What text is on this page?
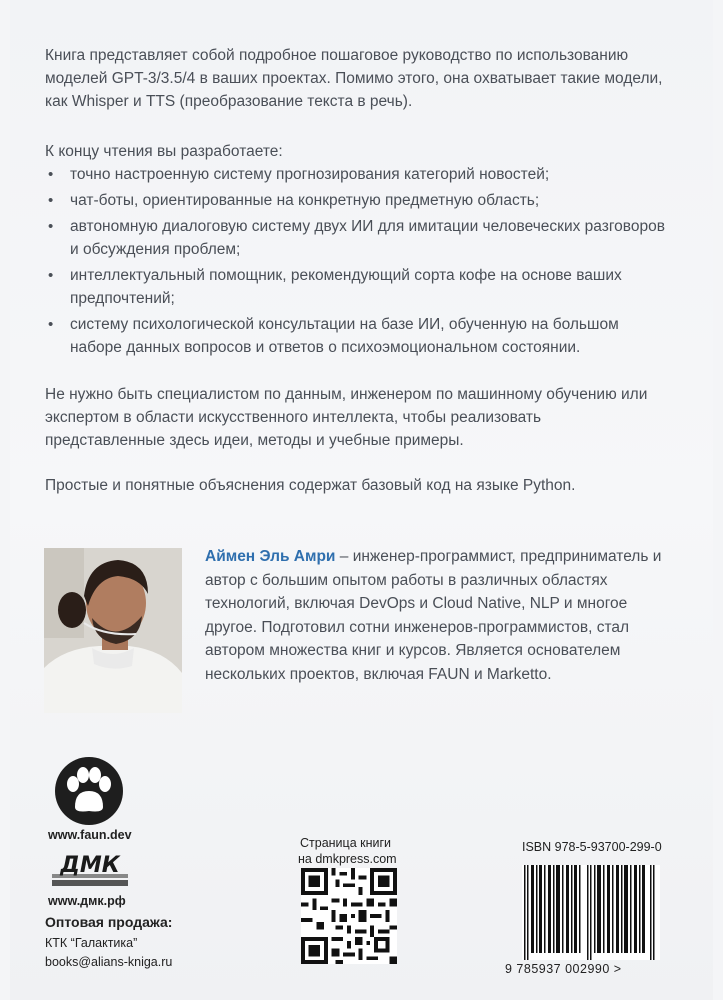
Книга представляет собой подробное пошаговое руководство по использованию моделей GPT-3/3.5/4 в ваших проектах. Помимо этого, она охватывает такие модели, как Whisper и TTS (преобразование текста в речь).

К концу чтения вы разработаете:

• точно настроенную систему прогнозирования категорий новостей;
• чат-боты, ориентированные на конкретную предметную область;
• автономную диалоговую систему двух ИИ для имитации человеческих разговоров и обсуждения проблем;
• интеллектуальный помощник, рекомендующий сорта кофе на основе ваших предпочтений;
• систему психологической консультации на базе ИИ, обученную на большом наборе данных вопросов и ответов о психоэмоциональном состоянии.

Не нужно быть специалистом по данным, инженером по машинному обучению или экспертом в области искусственного интеллекта, чтобы реализовать представленные здесь идеи, методы и учебные примеры.

Простые и понятные объяснения содержат базовый код на языке Python.

Аймен Эль Амри – инженер-программист, предприниматель и автор с большим опытом работы в различных областях технологий, включая DevOps и Cloud Native, NLP и многое другое. Подготовил сотни инженеров-программистов, стал автором множества книг и курсов. Является основателем нескольких проектов, включая FAUN и Marketto.

www.faun.dev
ДМК
www.дмк.рф
Оптовая продажа:
КТК “Галактика”
books@alians-kniga.ru
Страница книги
на dmkpress.com
ISBN 978-5-93700-299-0
9 785937 002990 >
